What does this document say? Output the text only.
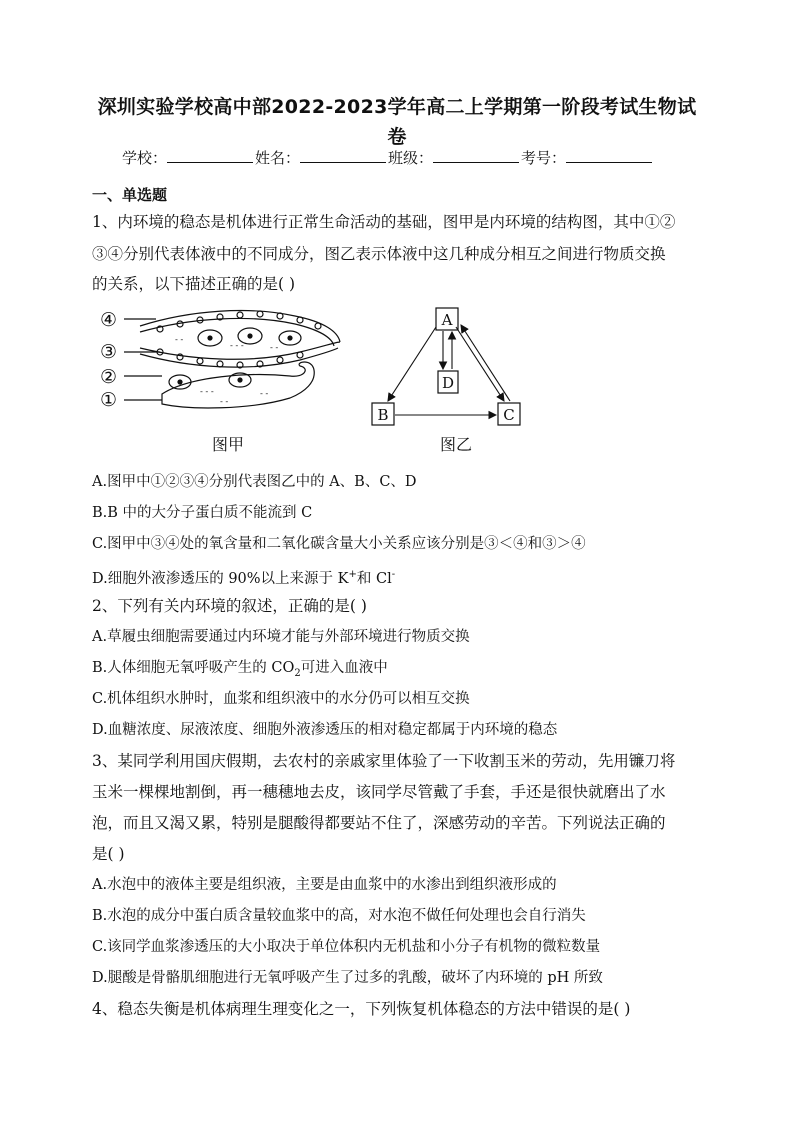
深圳实验学校高中部2022-2023学年高二上学期第一阶段考试生物试
卷
学校：	姓名：	班级：	考号：
一、单选题
1、内环境的稳态是机体进行正常生命活动的基础，图甲是内环境的结构图，其中①②
③④分别代表体液中的不同成分，图乙表示体液中这几种成分相互之间进行物质交换
的关系，以下描述正确的是( )
④
③
②
①
- -
- - -	- -
- - -	- -
- -
图甲
A
D
B	C
图乙
A.图甲中①②③④分别代表图乙中的 A、B、C、D
B.B 中的大分子蛋白质不能流到 C
C.图甲中③④处的氧含量和二氧化碳含量大小关系应该分别是③＜④和③＞④
D.细胞外液渗透压的 90%以上来源于 K+和 Cl-
2、下列有关内环境的叙述，正确的是( )
A.草履虫细胞需要通过内环境才能与外部环境进行物质交换
B.人体细胞无氧呼吸产生的 $CO_2$可进入血液中
C.机体组织水肿时，血浆和组织液中的水分仍可以相互交换
D.血糖浓度、尿液浓度、细胞外液渗透压的相对稳定都属于内环境的稳态
3、某同学利用国庆假期，去农村的亲戚家里体验了一下收割玉米的劳动，先用镰刀将
玉米一棵棵地割倒，再一穗穗地去皮，该同学尽管戴了手套，手还是很快就磨出了水
泡，而且又渴又累，特别是腿酸得都要站不住了，深感劳动的辛苦。下列说法正确的
是( )
A.水泡中的液体主要是组织液，主要是由血浆中的水渗出到组织液形成的
B.水泡的成分中蛋白质含量较血浆中的高，对水泡不做任何处理也会自行消失
C.该同学血浆渗透压的大小取决于单位体积内无机盐和小分子有机物的微粒数量
D.腿酸是骨骼肌细胞进行无氧呼吸产生了过多的乳酸，破坏了内环境的 pH 所致
4、稳态失衡是机体病理生理变化之一，下列恢复机体稳态的方法中错误的是( )
